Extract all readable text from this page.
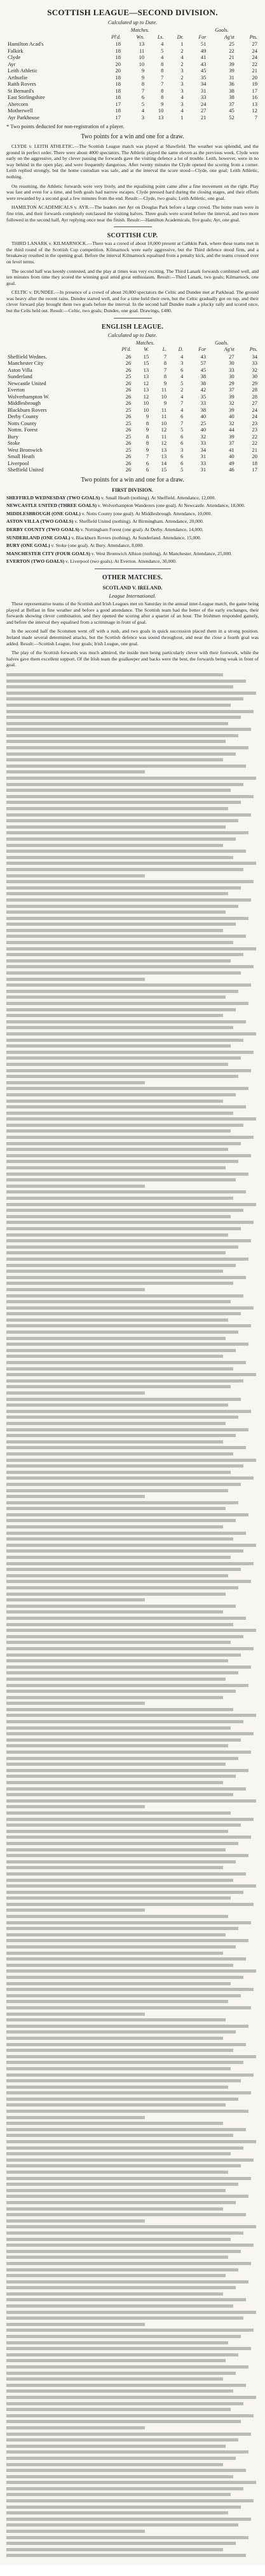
SCOTTISH LEAGUE—SECOND DIVISION.
Calculated up to Date.
	Matches.				Goals.		
	Pl'd.	Wn.	Ls.	Dr.	For	Ag'st	Pts.
Hamilton Acad's	18	13	4	1	51	25	27
Falkirk	18	11	5	2	49	22	24
Clyde	18	10	4	4	41	21	24
Ayr	20	10	8	2	43	39	22
Leith Athletic	20	9	8	3	45	39	21
Arthurlie	18	9	7	2	35	31	20
Raith Rovers	18	8	7	3	34	36	19
St Bernard's	18	7	8	3	31	38	17
East Stirlingshire	18	6	8	4	33	38	16
Abercorn	17	5	9	3	24	37	13
Motherwell	18	4	10	4	27	45	12
Ayr Parkhouse	17	3	13	1	21	52	7
* Two points deducted for non-registration of a player.
Two points for a win and one for a draw.

CLYDE v. LEITH ATHLETIC.—The Scottish League match was played at Shawfield. The weather was splendid, and the ground in perfect order. There were about 4000 spectators. The Athletic played the same eleven as the previous week. Clyde were early on the aggressive, and by clever passing the forwards gave the visiting defence a lot of trouble. Leith, however, were in no way behind in the open play, and were frequently dangerous. After twenty minutes the Clyde opened the scoring from a corner. Leith replied strongly, but the home custodian was safe, and at the interval the score stood—Clyde, one goal; Leith Athletic, nothing.

On resuming, the Athletic forwards were very lively, and the equalising point came after a fine movement on the right. Play was fast and even for a time, and both goals had narrow escapes. Clyde pressed hard during the closing stages, and their efforts were rewarded by a second goal a few minutes from the end. Result:—Clyde, two goals; Leith Athletic, one goal.

HAMILTON ACADEMICALS v. AYR.—The leaders met Ayr on Douglas Park before a large crowd. The home team were in fine trim, and their forwards completely outclassed the visiting halves. Three goals were scored before the interval, and two more followed in the second half, Ayr replying once near the finish. Result:—Hamilton Academicals, five goals; Ayr, one goal.

SCOTTISH CUP.

THIRD LANARK v. KILMARNOCK.—There was a crowd of about 10,000 present at Cathkin Park, where these teams met in the third round of the Scottish Cup competition. Kilmarnock were early aggressive, but the Third defence stood firm, and a breakaway resulted in the opening goal. Before the interval Kilmarnock equalised from a penalty kick, and the teams crossed over on level terms.

The second half was keenly contested, and the play at times was very exciting. The Third Lanark forwards combined well, and ten minutes from time they scored the winning goal amid great enthusiasm. Result:—Third Lanark, two goals; Kilmarnock, one goal.

CELTIC v. DUNDEE.—In presence of a crowd of about 20,000 spectators the Celtic and Dundee met at Parkhead. The ground was heavy after the recent rains. Dundee started well, and for a time held their own, but the Celtic gradually got on top, and their clever forward play brought them two goals before the interval. In the second half Dundee made a plucky rally and scored once, but the Celts held out. Result:—Celtic, two goals; Dundee, one goal. Drawings, £480.

ENGLISH LEAGUE.
Calculated up to Date.
	Matches.				Goals.		
	Pl'd.	W.	L.	D.	For	Ag'st	Pts.
Sheffield Wednes.	26	15	7	4	43	27	34
Manchester City	26	15	8	3	57	30	33
Aston Villa	26	13	7	6	45	33	32
Sunderland	25	13	8	4	38	30	30
Newcastle United	26	12	9	5	38	29	29
Everton	26	13	11	2	42	37	28
Wolverhampton W.	26	12	10	4	35	39	28
Middlesbrough	26	10	9	7	33	32	27
Blackburn Rovers	25	10	11	4	38	39	24
Derby County	26	9	11	6	40	40	24
Notts County	25	8	10	7	25	32	23
Nottm. Forest	26	9	12	5	40	44	23
Bury	25	8	11	6	32	39	22
Stoke	26	8	12	6	33	37	22
West Bromwich	25	9	13	3	34	41	21
Small Heath	26	7	13	6	31	40	20
Liverpool	26	6	14	6	33	49	18
Sheffield United	26	6	15	5	31	46	17
Two points for a win and one for a draw.
FIRST DIVISION.

SHEFFIELD WEDNESDAY (TWO GOALS) v. Small Heath (nothing). At Sheffield. Attendance, 12,000.

NEWCASTLE UNITED (THREE GOALS) v. Wolverhampton Wanderers (one goal). At Newcastle. Attendance, 18,000.

MIDDLESBROUGH (ONE GOAL) v. Notts County (one goal). At Middlesbrough. Attendance, 10,000.

ASTON VILLA (TWO GOALS) v. Sheffield United (nothing). At Birmingham. Attendance, 20,000.

DERBY COUNTY (TWO GOALS) v. Nottingham Forest (one goal). At Derby. Attendance, 14,000.

SUNDERLAND (ONE GOAL) v. Blackburn Rovers (nothing). At Sunderland. Attendance, 15,000.

BURY (ONE GOAL) v. Stoke (one goal). At Bury. Attendance, 8,000.

MANCHESTER CITY (FOUR GOALS) v. West Bromwich Albion (nothing). At Manchester. Attendance, 25,000.

EVERTON (TWO GOALS) v. Liverpool (two goals). At Everton. Attendance, 30,000.

OTHER MATCHES.
SCOTLAND V. IRELAND.
League International.

These representative teams of the Scottish and Irish Leagues met on Saturday in the annual inter-League match, the game being played at Belfast in fine weather and before a good attendance. The Scottish team had the better of the early exchanges, their forwards showing clever combination, and they opened the scoring after a quarter of an hour. The Irishmen responded gamely, and before the interval they equalised from a scrimmage in front of goal.

In the second half the Scotsmen went off with a rush, and two goals in quick succession placed them in a strong position. Ireland made several determined attacks, but the Scottish defence was sound throughout, and near the close a fourth goal was added. Result:—Scottish League, four goals; Irish League, one goal.

The play of the Scottish forwards was much admired, the inside men being particularly clever with their footwork, while the halves gave them excellent support. Of the Irish team the goalkeeper and backs were the best, the forwards being weak in front of goal.
